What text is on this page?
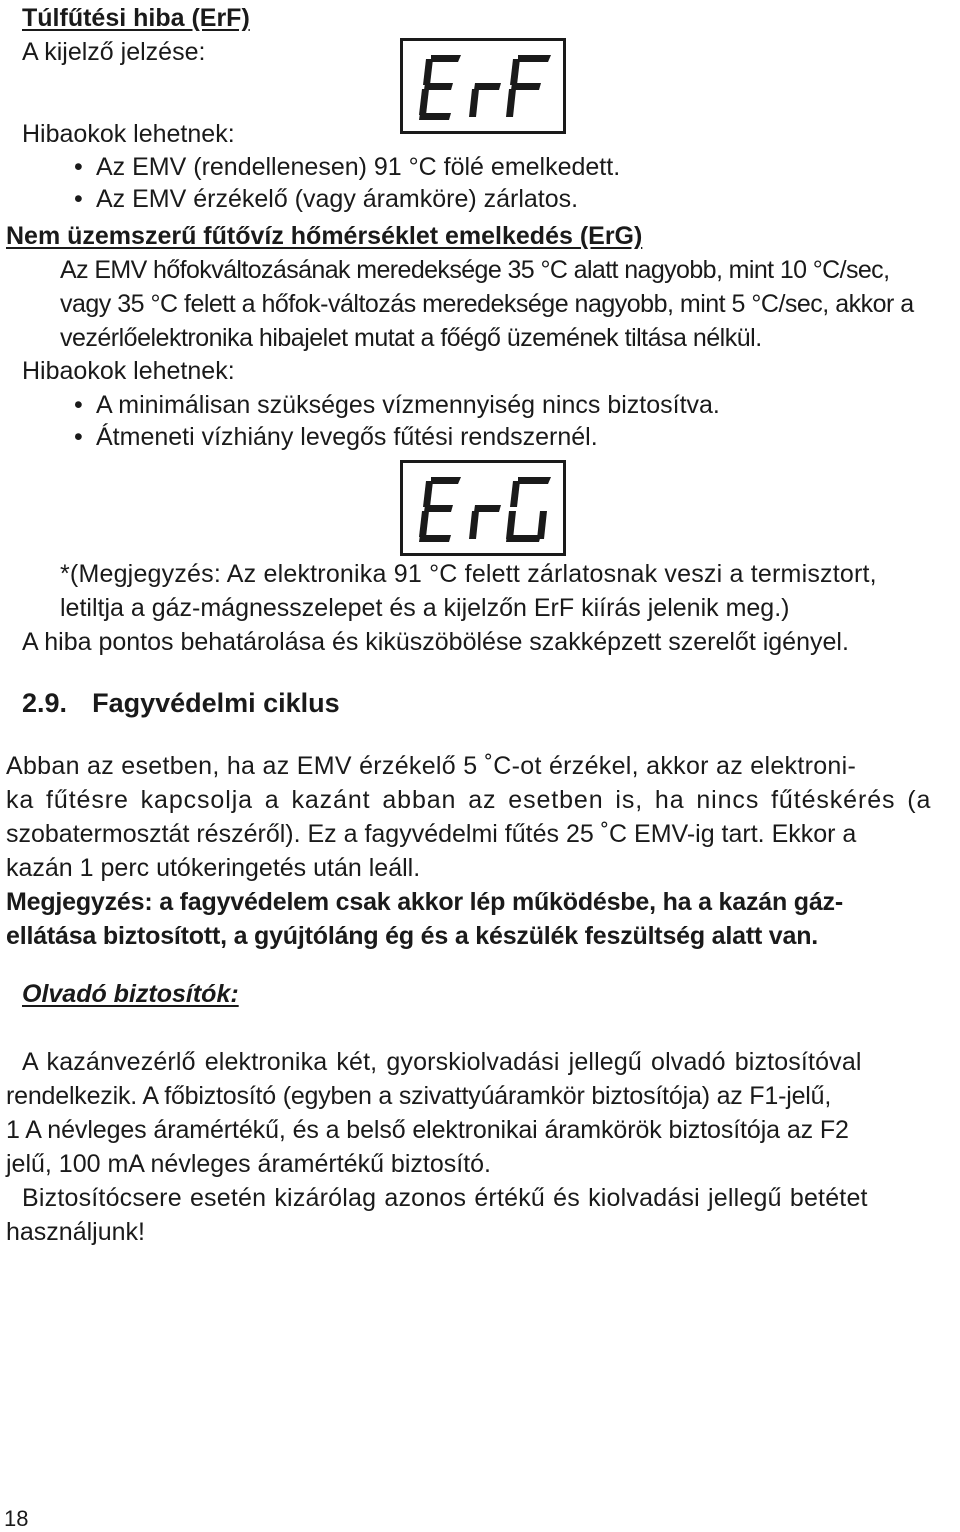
Túlfűtési hiba (ErF)
A kijelző jelzése:
Hibaokok lehetnek:
• Az EMV (rendellenesen) 91 °C fölé emelkedett.
• Az EMV érzékelő (vagy áramköre) zárlatos.
Nem üzemszerű fűtővíz hőmérséklet emelkedés (ErG)
Az EMV hőfokváltozásának meredeksége 35 °C alatt nagyobb, mint 10 °C/sec,
vagy 35 °C felett a hőfok-változás meredeksége nagyobb, mint 5 °C/sec, akkor a
vezérlőelektronika hibajelet mutat a főégő üzemének tiltása nélkül.
Hibaokok lehetnek:
• A minimálisan szükséges vízmennyiség nincs biztosítva.
• Átmeneti vízhiány levegős fűtési rendszernél.
*(Megjegyzés: Az elektronika 91 °C felett zárlatosnak veszi a termisztort,
letiltja a gáz-mágnesszelepet és a kijelzőn ErF kiírás jelenik meg.)
A hiba pontos behatárolása és kiküszöbölése szakképzett szerelőt igényel.
2.9. Fagyvédelmi ciklus
Abban az esetben, ha az EMV érzékelő 5 ˚C-ot érzékel, akkor az elektroni-
ka fűtésre kapcsolja a kazánt abban az esetben is, ha nincs fűtéskérés (a
szobatermosztát részéről). Ez a fagyvédelmi fűtés 25 ˚C EMV-ig tart. Ekkor a
kazán 1 perc utókeringetés után leáll.
Megjegyzés: a fagyvédelem csak akkor lép működésbe, ha a kazán gáz-
ellátása biztosított, a gyújtóláng ég és a készülék feszültség alatt van.
Olvadó biztosítók:
A kazánvezérlő elektronika két, gyorskiolvadási jellegű olvadó biztosítóval
rendelkezik. A főbiztosító (egyben a szivattyúáramkör biztosítója) az F1-jelű,
1 A névleges áramértékű, és a belső elektronikai áramkörök biztosítója az F2
jelű, 100 mA névleges áramértékű biztosító.
Biztosítócsere esetén kizárólag azonos értékű és kiolvadási jellegű betétet
használjunk!
18
